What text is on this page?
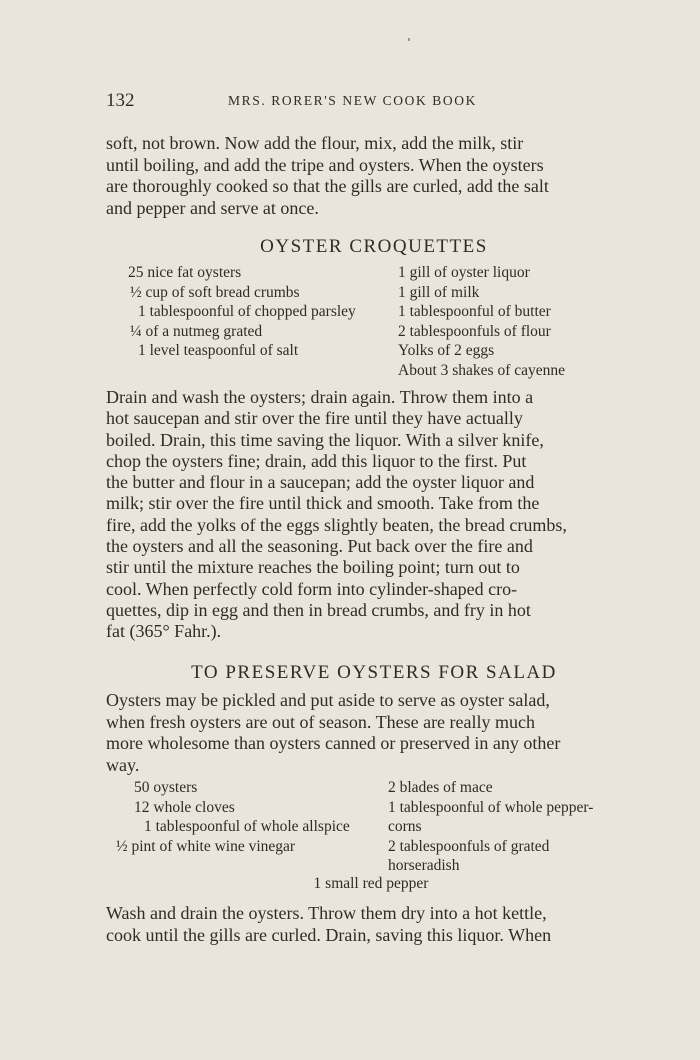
132	MRS. RORER'S NEW COOK BOOK
soft, not brown. Now add the flour, mix, add the milk, stir
until boiling, and add the tripe and oysters. When the oysters
are thoroughly cooked so that the gills are curled, add the salt
and pepper and serve at once.
OYSTER CROQUETTES
25 nice fat oysters
½ cup of soft bread crumbs
1 tablespoonful of chopped parsley
¼ of a nutmeg grated
1 level teaspoonful of salt
1 gill of oyster liquor
1 gill of milk
1 tablespoonful of butter
2 tablespoonfuls of flour
Yolks of 2 eggs
About 3 shakes of cayenne
Drain and wash the oysters; drain again. Throw them into a
hot saucepan and stir over the fire until they have actually
boiled. Drain, this time saving the liquor. With a silver knife,
chop the oysters fine; drain, add this liquor to the first. Put
the butter and flour in a saucepan; add the oyster liquor and
milk; stir over the fire until thick and smooth. Take from the
fire, add the yolks of the eggs slightly beaten, the bread crumbs,
the oysters and all the seasoning. Put back over the fire and
stir until the mixture reaches the boiling point; turn out to
cool. When perfectly cold form into cylinder-shaped cro-
quettes, dip in egg and then in bread crumbs, and fry in hot
fat (365° Fahr.).
TO PRESERVE OYSTERS FOR SALAD
Oysters may be pickled and put aside to serve as oyster salad,
when fresh oysters are out of season. These are really much
more wholesome than oysters canned or preserved in any other
way.
50 oysters
12 whole cloves
1 tablespoonful of whole allspice
½ pint of white wine vinegar
2 blades of mace
1 tablespoonful of whole pepper-corns
2 tablespoonfuls of grated horseradish
1 small red pepper
Wash and drain the oysters. Throw them dry into a hot kettle,
cook until the gills are curled. Drain, saving this liquor. When
